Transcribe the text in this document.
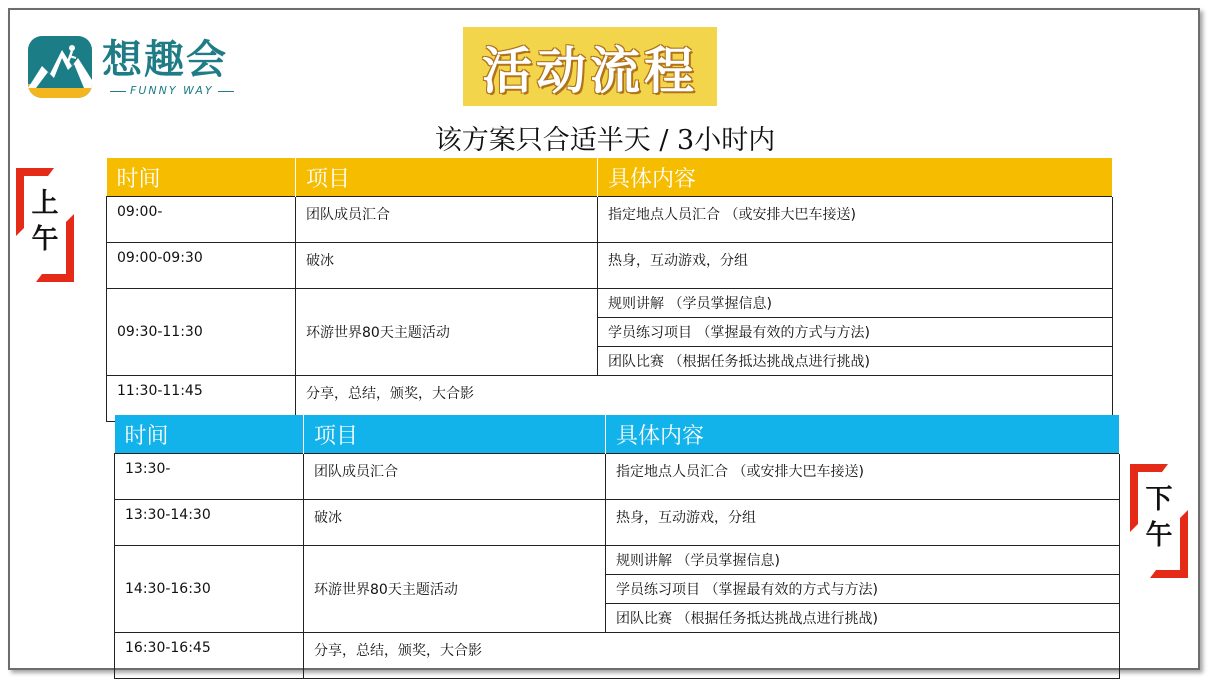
想趣会
FUNNY WAY	活动流程
该方案只合适半天 / 3小时内
上
午
下
午
时间	项目	具体内容
09:00-	团队成员汇合	指定地点人员汇合 （或安排大巴车接送)
09:00-09:30	破冰	热身，互动游戏，分组
09:30-11:30	环游世界80天主题活动	规则讲解 （学员掌握信息)
		学员练习项目 （掌握最有效的方式与方法)
		团队比赛 （根据任务抵达挑战点进行挑战)
11:30-11:45	分享，总结，颁奖，大合影	
时间	项目	具体内容
13:30-	团队成员汇合	指定地点人员汇合 （或安排大巴车接送)
13:30-14:30	破冰	热身，互动游戏，分组
14:30-16:30	环游世界80天主题活动	规则讲解 （学员掌握信息)
		学员练习项目 （掌握最有效的方式与方法)
		团队比赛 （根据任务抵达挑战点进行挑战)
16:30-16:45	分享，总结，颁奖，大合影	
